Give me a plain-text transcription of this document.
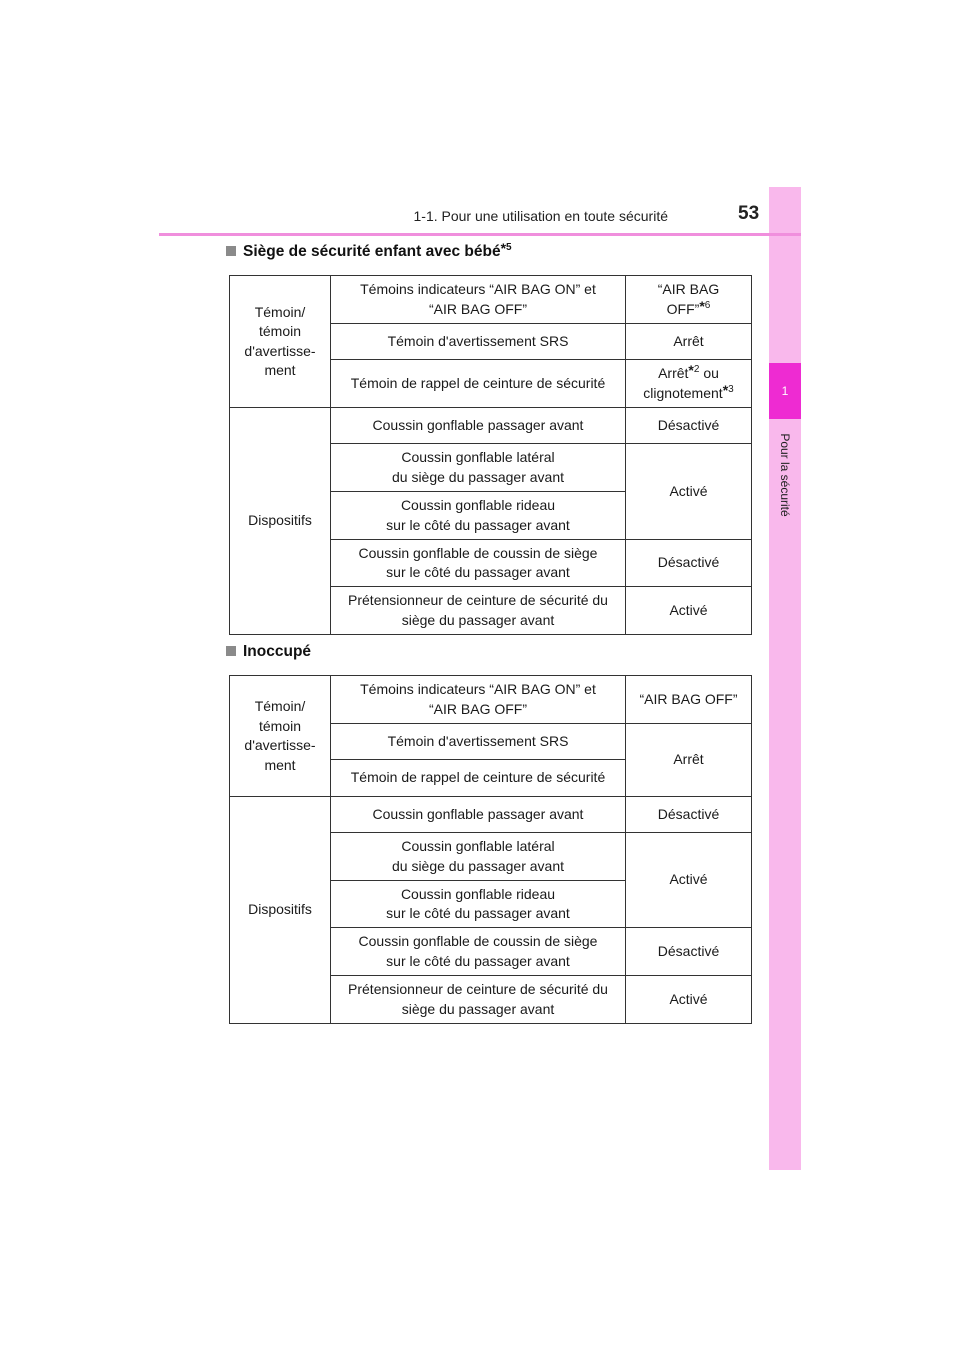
1
Pour la sécurité
1-1. Pour une utilisation en toute sécurité	53
Siège de sécurité enfant avec bébé*$^5$
Témoin/
témoin
d'avertisse-
ment	Témoins indicateurs “AIR BAG ON” et
“AIR BAG OFF”	“AIR BAG
OFF”*$^6$
	Témoin d'avertissement SRS	Arrêt
	Témoin de rappel de ceinture de sécurité	Arrêt*$^2$ ou
clignotement*$^3$
Dispositifs	Coussin gonflable passager avant	Désactivé
	Coussin gonflable latéral
du siège du passager avant	Activé
	Coussin gonflable rideau
sur le côté du passager avant	
	Coussin gonflable de coussin de siège
sur le côté du passager avant	Désactivé
	Prétensionneur de ceinture de sécurité du
siège du passager avant	Activé
Inoccupé
Témoin/
témoin
d'avertisse-
ment	Témoins indicateurs “AIR BAG ON” et
“AIR BAG OFF”	“AIR BAG OFF”
	Témoin d'avertissement SRS	Arrêt
	Témoin de rappel de ceinture de sécurité	
Dispositifs	Coussin gonflable passager avant	Désactivé
	Coussin gonflable latéral
du siège du passager avant	Activé
	Coussin gonflable rideau
sur le côté du passager avant	
	Coussin gonflable de coussin de siège
sur le côté du passager avant	Désactivé
	Prétensionneur de ceinture de sécurité du
siège du passager avant	Activé
